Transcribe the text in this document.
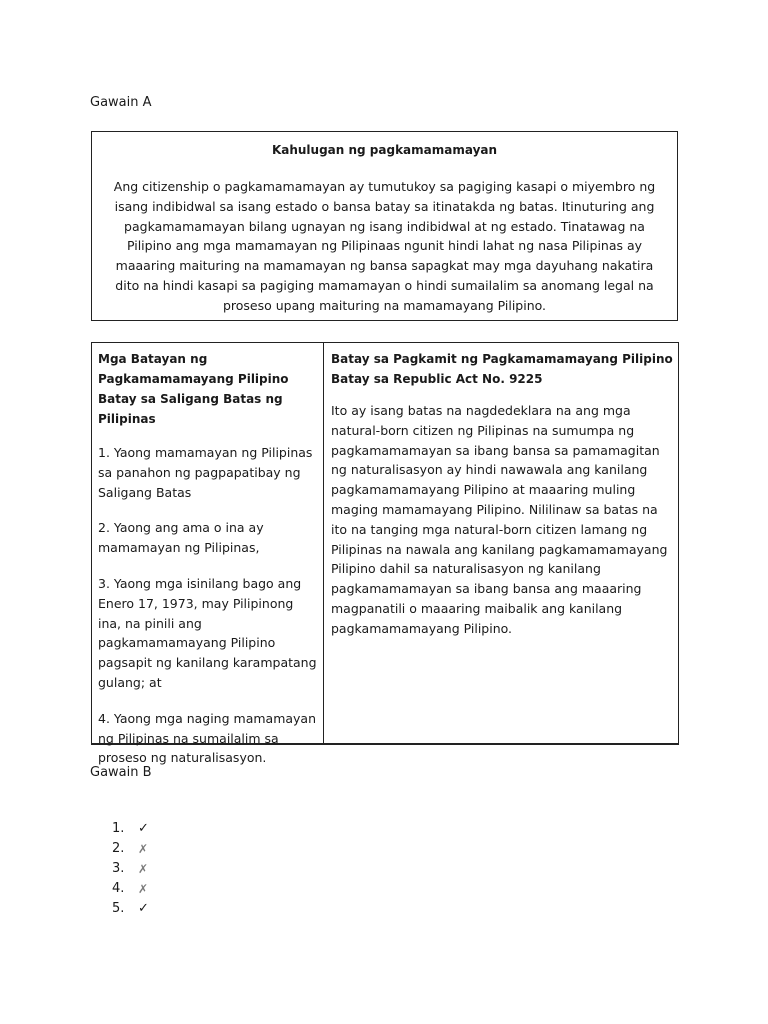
Gawain A

Kahulugan ng pagkamamamayan

Ang citizenship o pagkamamamayan ay tumutukoy sa pagiging kasapi o miyembro ng isang indibidwal sa isang estado o bansa batay sa itinatakda ng batas. Itinuturing ang pagkamamamayan bilang ugnayan ng isang indibidwal at ng estado. Tinatawag na Pilipino ang mga mamamayan ng Pilipinaas ngunit hindi lahat ng nasa Pilipinas ay maaaring maituring na mamamayan ng bansa sapagkat may mga dayuhang nakatira dito na hindi kasapi sa pagiging mamamayan o hindi sumailalim sa anomang legal na proseso upang maituring na mamamayang Pilipino.

Mga Batayan ng Pagkamamamayang Pilipino Batay sa Saligang Batas ng Pilipinas

1. Yaong mamamayan ng Pilipinas sa panahon ng pagpapatibay ng Saligang Batas

2. Yaong ang ama o ina ay mamamayan ng Pilipinas,

3. Yaong mga isinilang bago ang Enero 17, 1973, may Pilipinong ina, na pinili ang pagkamamamayang Pilipino pagsapit ng kanilang karampatang gulang; at

4. Yaong mga naging mamamayan ng Pilipinas na sumailalim sa proseso ng naturalisasyon.

Batay sa Pagkamit ng Pagkamamamayang Pilipino Batay sa Republic Act No. 9225

Ito ay isang batas na nagdedeklara na ang mga natural-born citizen ng Pilipinas na sumumpa ng pagkamamamayan sa ibang bansa sa pamamagitan ng naturalisasyon ay hindi nawawala ang kanilang pagkamamamayang Pilipino at maaaring muling maging mamamayang Pilipino. Nililinaw sa batas na ito na tanging mga natural-born citizen lamang ng Pilipinas na nawala ang kanilang pagkamamamayang Pilipino dahil sa naturalisasyon ng kanilang pagkamamamayan sa ibang bansa ang maaaring magpanatili o maaaring maibalik ang kanilang pagkamamamayang Pilipino.

Gawain B
1.	✓
2.	✗
3.	✗
4.	✗
5.	✓
